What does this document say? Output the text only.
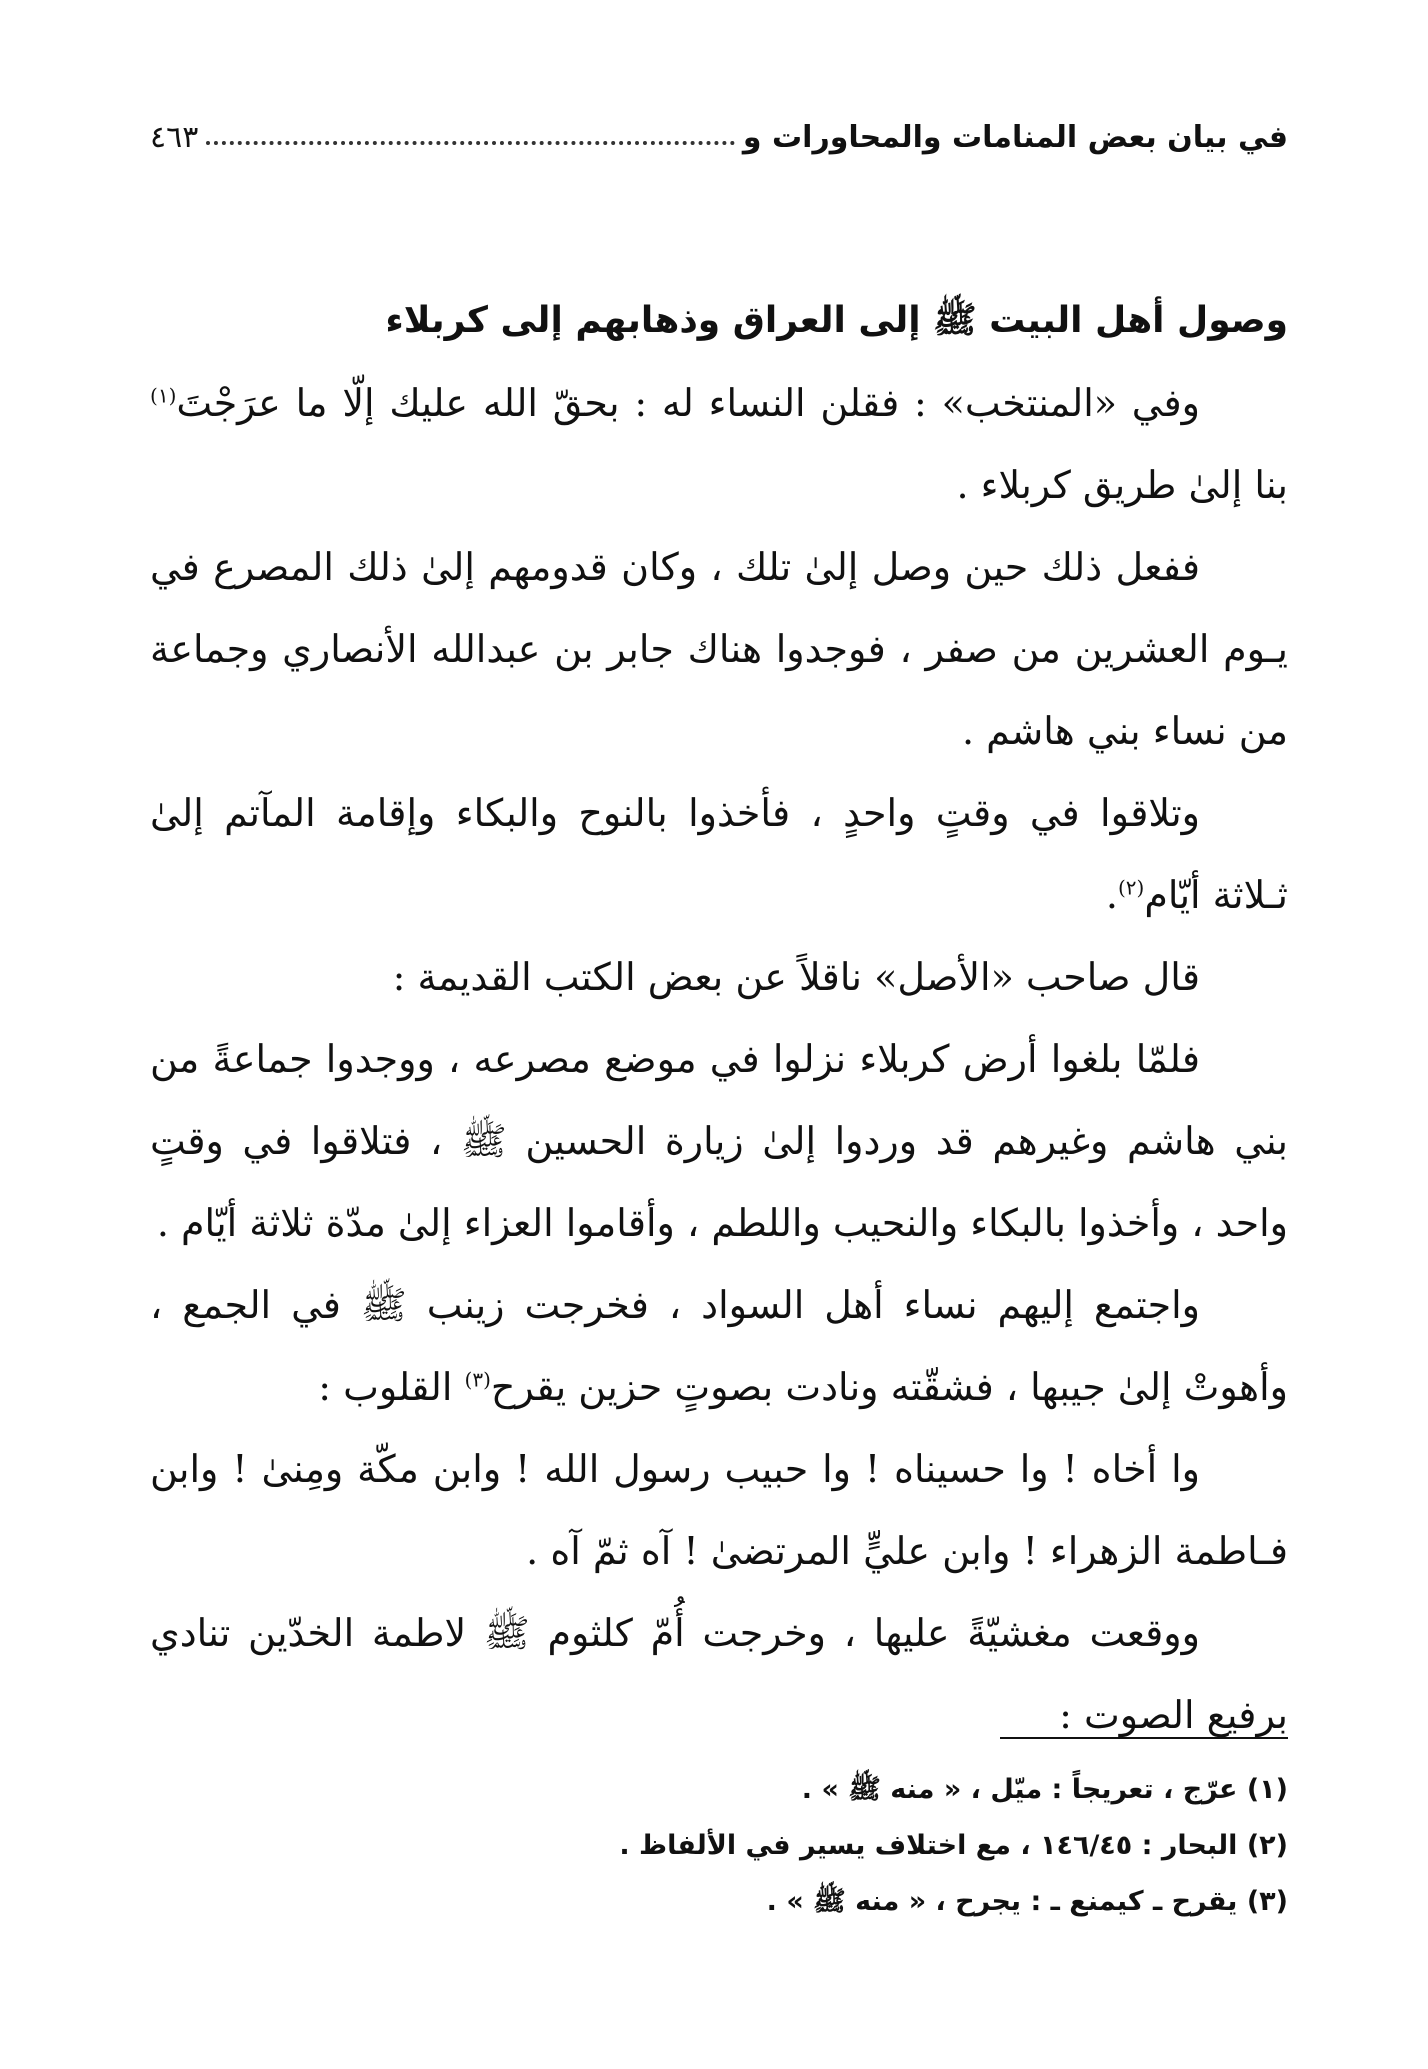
في بيان بعض المنامات والمحاورات و
٤٦٣

وصول أهل البيت ﷺ إلى العراق وذهابهم إلى كربلاء

وفي «المنتخب» : فقلن النساء له : بحقّ الله عليك إلّا ما عرَجْتَ$^{(١)}$ بنا إلىٰ طريق كربلاء .

ففعل ذلك حين وصل إلىٰ تلك ، وكان قدومهم إلىٰ ذلك المصرع في يـوم العشرين من صفر ، فوجدوا هناك جابر بن عبدالله الأنصاري وجماعة من نساء بني هاشم .

وتلاقوا في وقتٍ واحدٍ ، فأخذوا بالنوح والبكاء وإقامة المآتم إلىٰ ثـلاثة أيّام$^{(٢)}$.

قال صاحب «الأصل» ناقلاً عن بعض الكتب القديمة :

فلمّا بلغوا أرض كربلاء نزلوا في موضع مصرعه ، ووجدوا جماعةً من بني هاشم وغيرهم قد وردوا إلىٰ زيارة الحسين ﷺ ، فتلاقوا في وقتٍ واحد ، وأخذوا بالبكاء والنحيب واللطم ، وأقاموا العزاء إلىٰ مدّة ثلاثة أيّام .

واجتمع إليهم نساء أهل السواد ، فخرجت زينب ﷺ في الجمع ، وأهوتْ إلىٰ جيبها ، فشقّته ونادت بصوتٍ حزين يقرح$^{(٣)}$ القلوب :

وا أخاه ! وا حسيناه ! وا حبيب رسول الله ! وابن مكّة ومِنىٰ ! وابن فـاطمة الزهراء ! وابن عليٍّ المرتضىٰ ! آه ثمّ آه .

ووقعت مغشيّةً عليها ، وخرجت أُمّ كلثوم ﷺ لاطمة الخدّين تنادي برفيع الصوت :

(١) عرّج ، تعريجاً : ميّل ، « منه ﷺ » .

(٢) البحار : ١٤٦/٤٥ ، مع اختلاف يسير في الألفاظ .

(٣) يقرح ـ كيمنع ـ : يجرح ، « منه ﷺ » .
